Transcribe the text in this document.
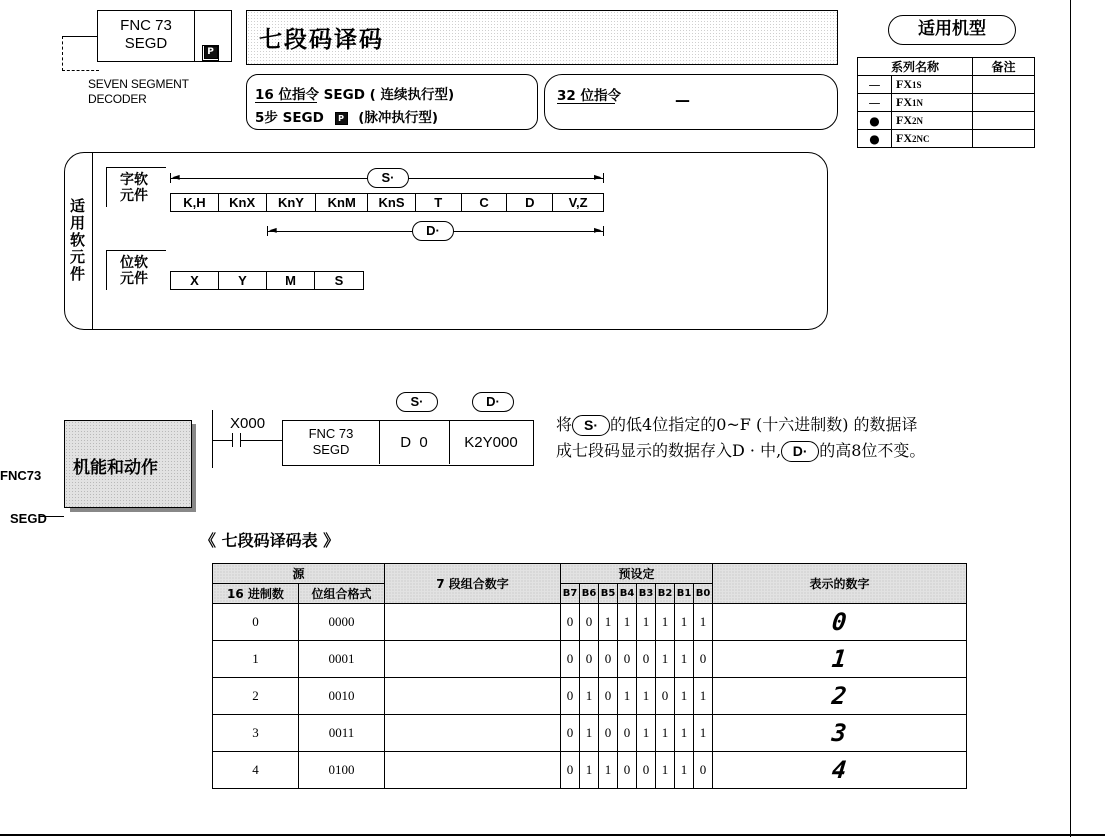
FNC 73
SEGD	P
SEVEN SEGMENT
DECODER
七段码译码
16 位指令 SEGD ( 连续执行型)
5步 SEGD P (脉冲执行型)
32 位指令	—
适用机型
系列名称		备注
—	FX1S	
—	FX1N	
●	FX2N	
●	FX2NC	
适用软元件
字软
元件
◄	►
S·
K,H	KnX	KnY	KnM	KnS	T	C	D	V,Z
◄	►
D·
位软
元件	X	Y	M	S
FNC73
SEGD
机能和动作
X000
FNC 73
SEGD	D  0	K2Y000
S·	D·
将 S· 的低4位指定的0~F (十六进制数) 的数据译
成七段码显示的数据存入D · 中, D· 的高8位不变。
《 七段码译码表 》
源		7 段组合数字	预设定								表示的数字
16 进制数	位组合格式		B7	B6	B5	B4	B3	B2	B1	B0	
0	0000		0	0	1	1	1	1	1	1	0
1	0001		0	0	0	0	0	1	1	0	1
2	0010		0	1	0	1	1	0	1	1	2
3	0011		0	1	0	0	1	1	1	1	3
4	0100		0	1	1	0	0	1	1	0	4
